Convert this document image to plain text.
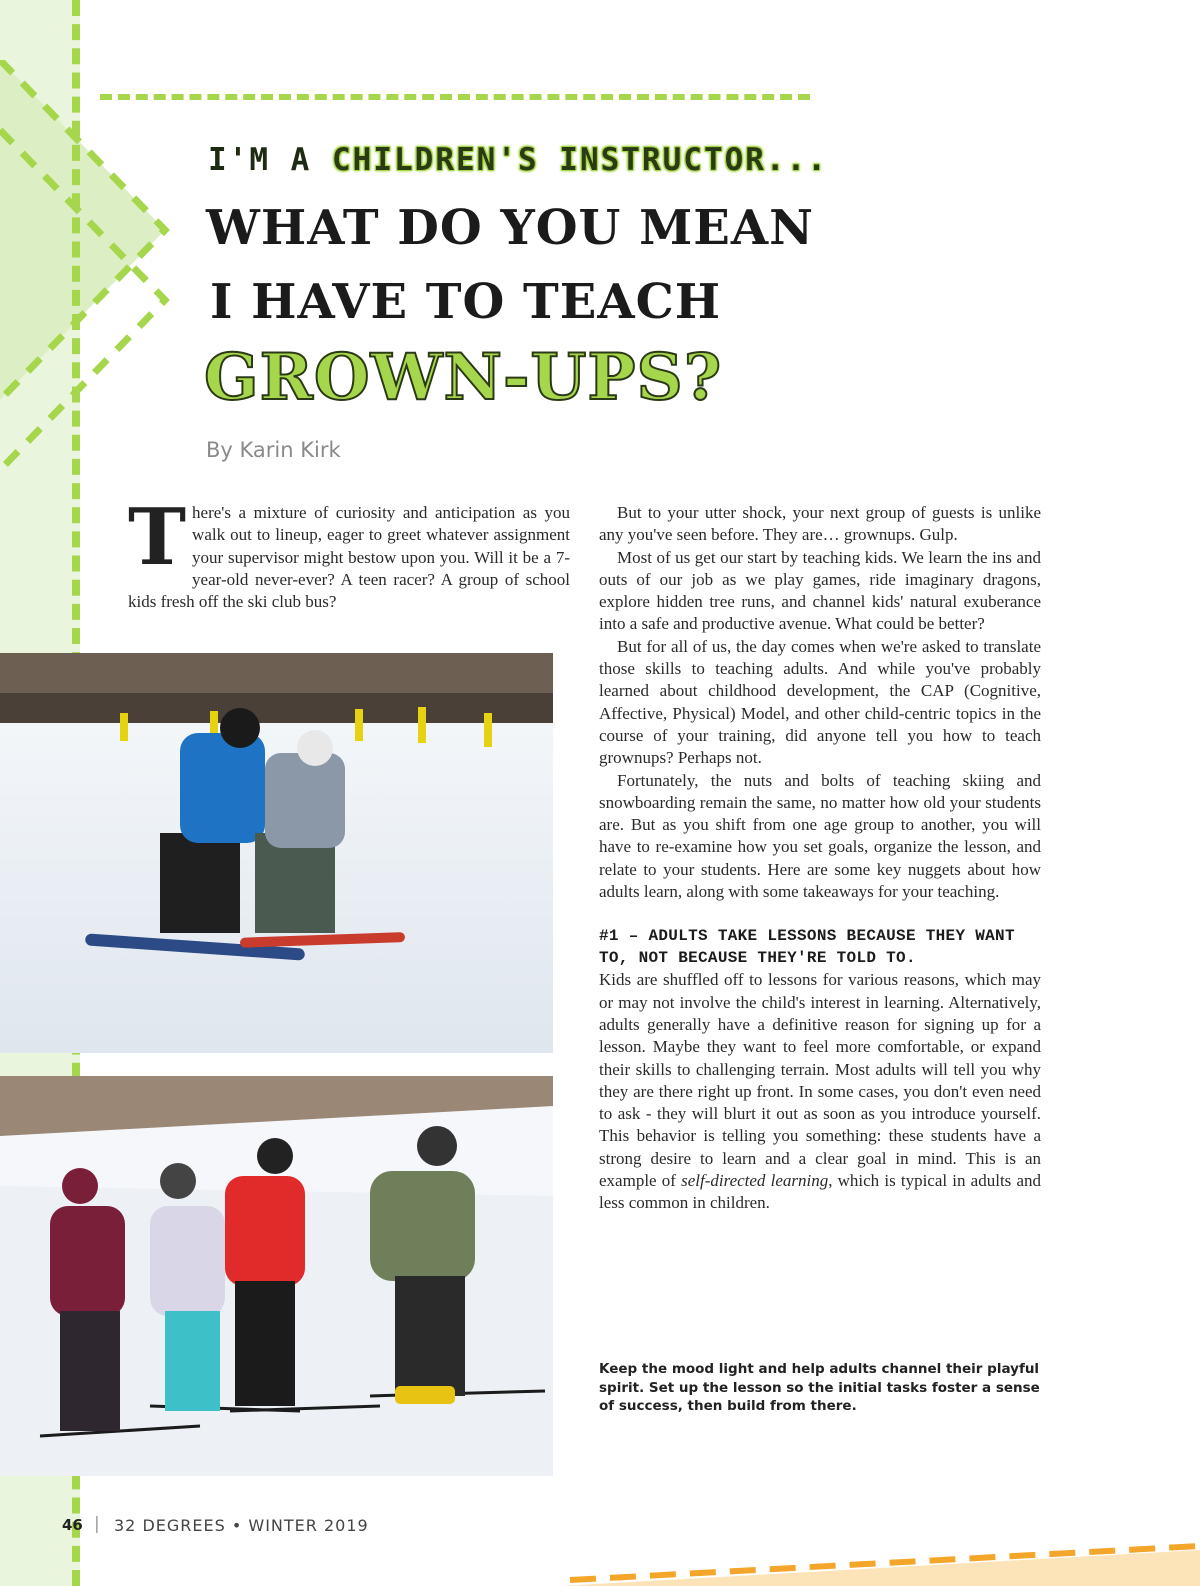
I'M A CHILDREN'S INSTRUCTOR...
WHAT DO YOU MEAN
I HAVE TO TEACH
GROWN-UPS?
By Karin Kirk

There's a mixture of curiosity and anticipation as you walk out to lineup, eager to greet whatever assignment your supervisor might bestow upon you. Will it be a 7-year-old never-ever? A teen racer? A group of school kids fresh off the ski club bus?

But to your utter shock, your next group of guests is unlike any you've seen before. They are… grownups. Gulp.

Most of us get our start by teaching kids. We learn the ins and outs of our job as we play games, ride imaginary dragons, explore hidden tree runs, and channel kids' natural exuberance into a safe and productive avenue. What could be better?

But for all of us, the day comes when we're asked to translate those skills to teaching adults. And while you've probably learned about childhood development, the CAP (Cognitive, Affective, Physical) Model, and other child-centric topics in the course of your training, did anyone tell you how to teach grownups? Perhaps not.

Fortunately, the nuts and bolts of teaching skiing and snowboarding remain the same, no matter how old your students are. But as you shift from one age group to another, you will have to re-examine how you set goals, organize the lesson, and relate to your students. Here are some key nuggets about how adults learn, along with some takeaways for your teaching.

#1 – ADULTS TAKE LESSONS BECAUSE THEY WANT TO, NOT BECAUSE THEY'RE TOLD TO.

Kids are shuffled off to lessons for various reasons, which may or may not involve the child's interest in learning. Alternatively, adults generally have a definitive reason for signing up for a lesson. Maybe they want to feel more comfortable, or expand their skills to challenging terrain. Most adults will tell you why they are there right up front. In some cases, you don't even need to ask - they will blurt it out as soon as you introduce yourself. This behavior is telling you something: these students have a strong desire to learn and a clear goal in mind. This is an example of self-directed learning, which is typical in adults and less common in children.

Keep the mood light and help adults channel their playful spirit. Set up the lesson so the initial tasks foster a sense of success, then build from there.
46 | 32 DEGREES • WINTER 2019
